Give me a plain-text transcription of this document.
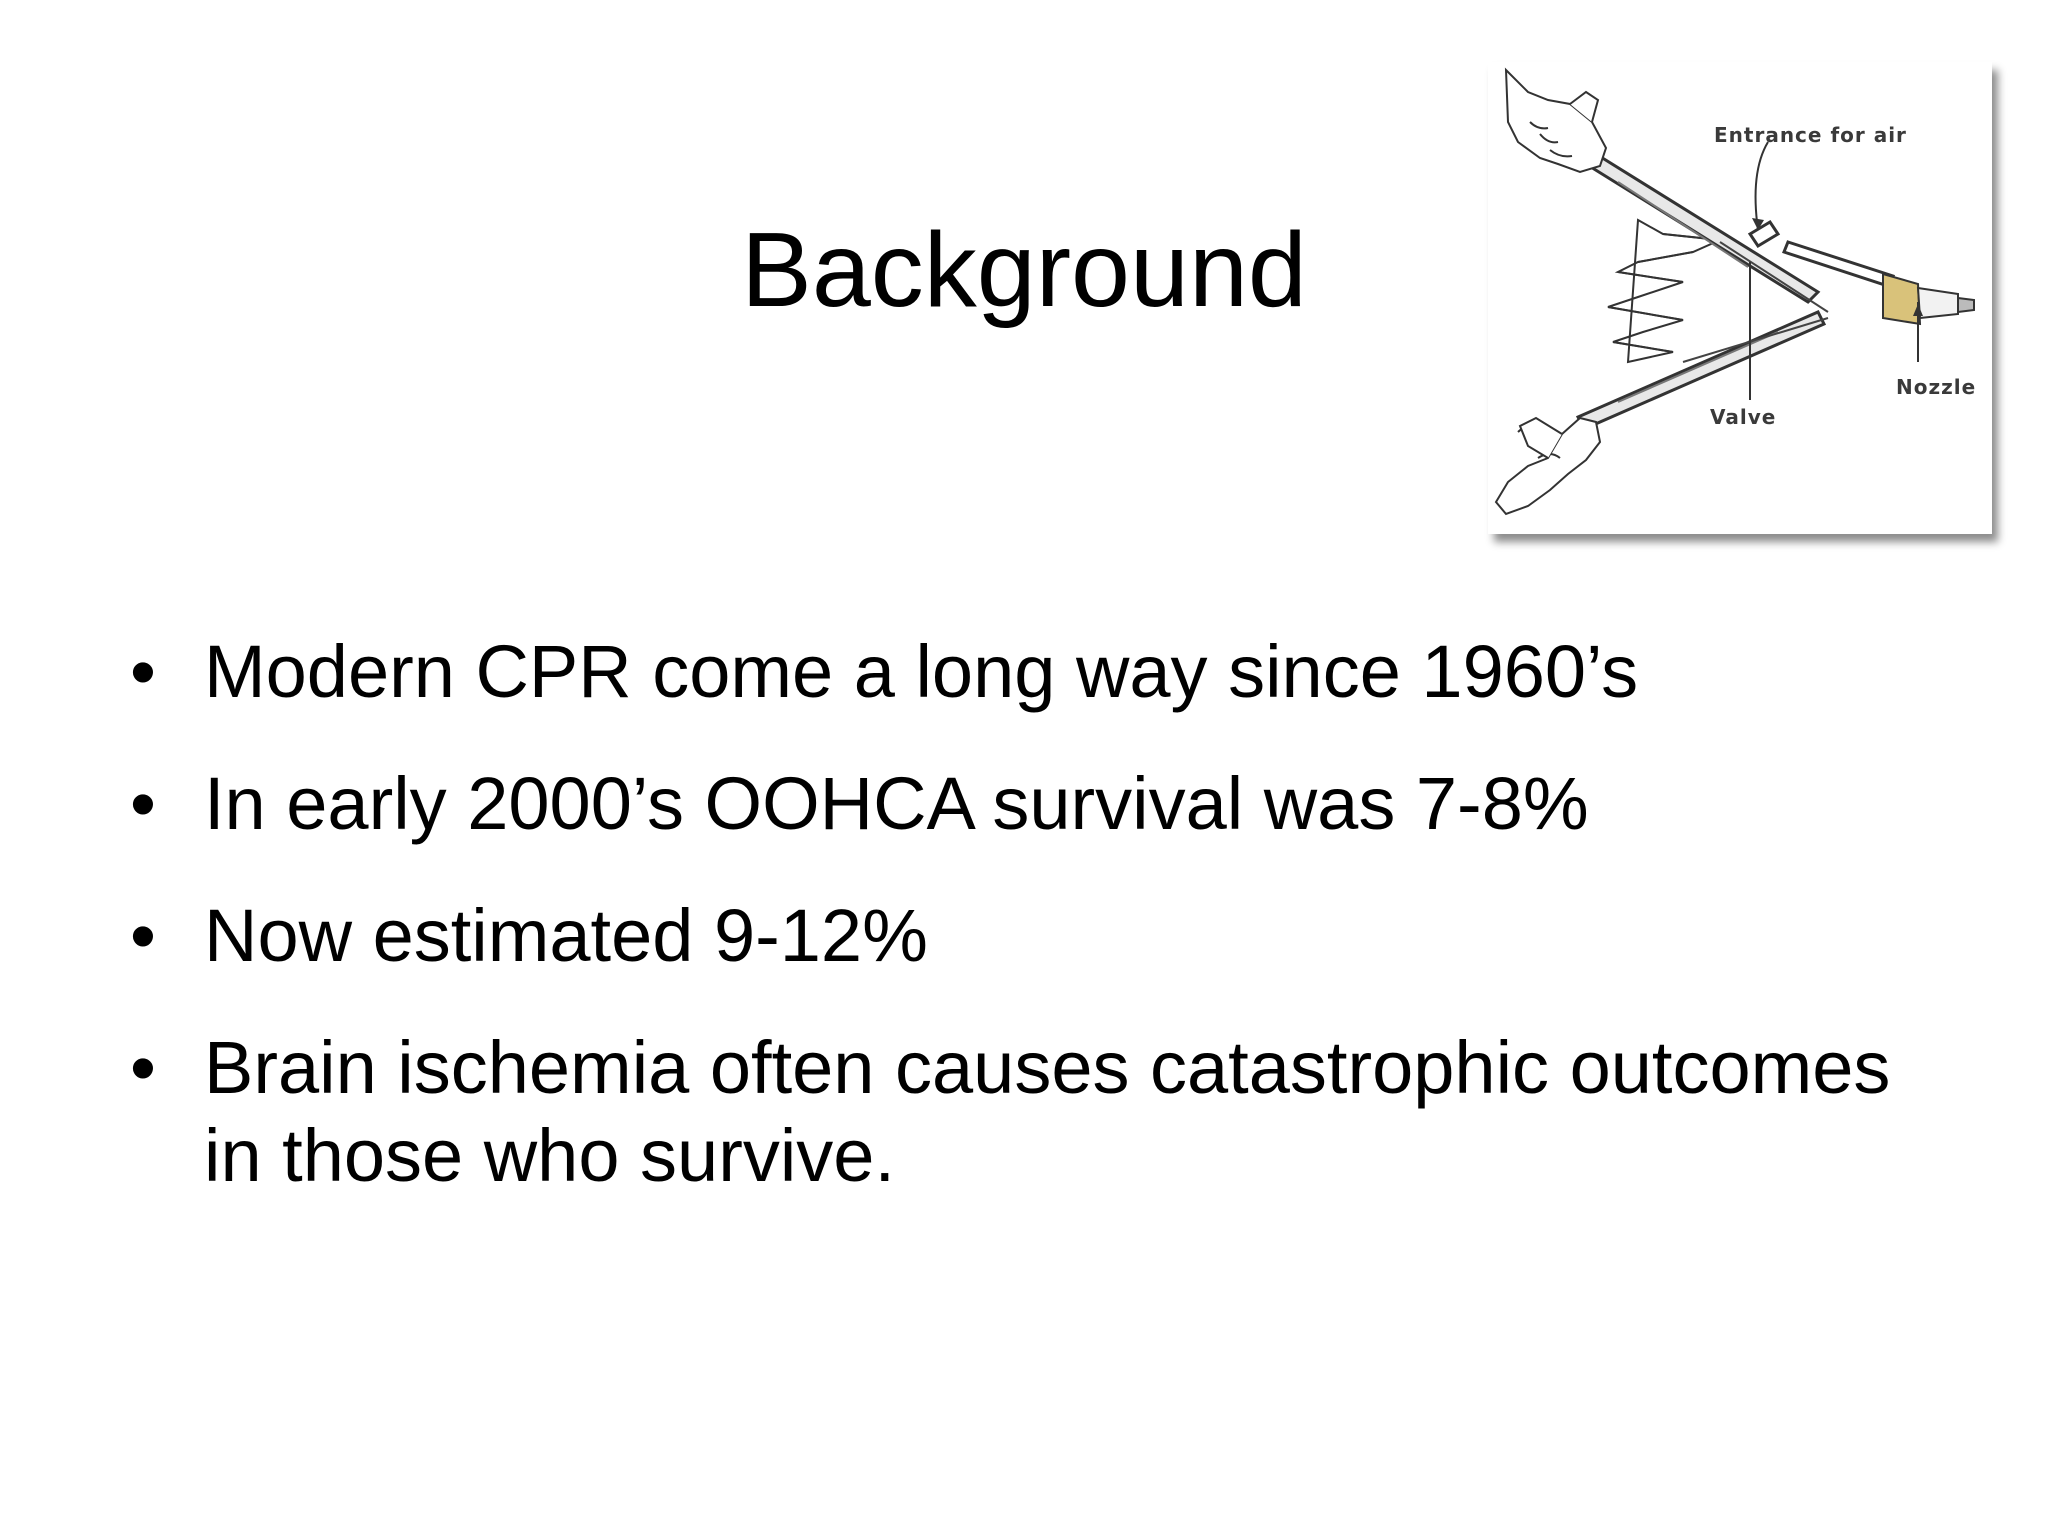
Background
Entrance for air
Nozzle
Valve
• Modern CPR come a long way since 1960’s
• In early 2000’s OOHCA survival was 7-8%
• Now estimated 9-12%
• Brain ischemia often causes catastrophic outcomes in those who survive.
